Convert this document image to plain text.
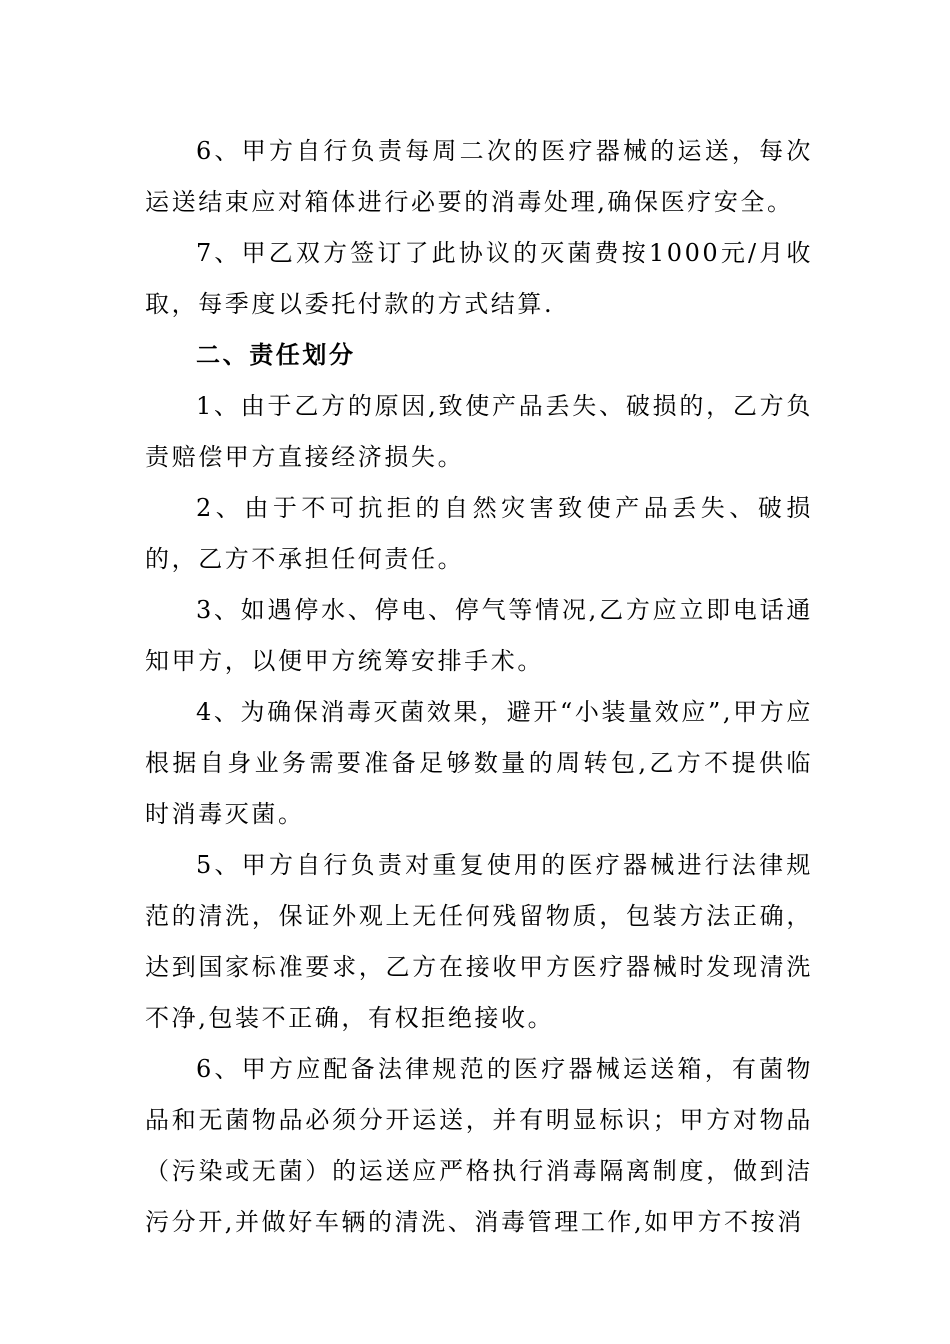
6、甲方自行负责每周二次的医疗器械的运送，每次运送结束应对箱体进行必要的消毒处理,确保医疗安全。

7、甲乙双方签订了此协议的灭菌费按1000元/月收取，每季度以委托付款的方式结算.

二、责任划分

1、由于乙方的原因,致使产品丢失、破损的，乙方负责赔偿甲方直接经济损失。

2、由于不可抗拒的自然灾害致使产品丢失、破损的，乙方不承担任何责任。

3、如遇停水、停电、停气等情况,乙方应立即电话通知甲方，以便甲方统筹安排手术。

4、为确保消毒灭菌效果，避开“小装量效应”,甲方应根据自身业务需要准备足够数量的周转包,乙方不提供临时消毒灭菌。

5、甲方自行负责对重复使用的医疗器械进行法律规范的清洗，保证外观上无任何残留物质，包装方法正确，达到国家标准要求，乙方在接收甲方医疗器械时发现清洗不净,包装不正确，有权拒绝接收。

6、甲方应配备法律规范的医疗器械运送箱，有菌物品和无菌物品必须分开运送，并有明显标识；甲方对物品（污染或无菌）的运送应严格执行消毒隔离制度，做到洁污分开,并做好车辆的清洗、消毒管理工作,如甲方不按消
